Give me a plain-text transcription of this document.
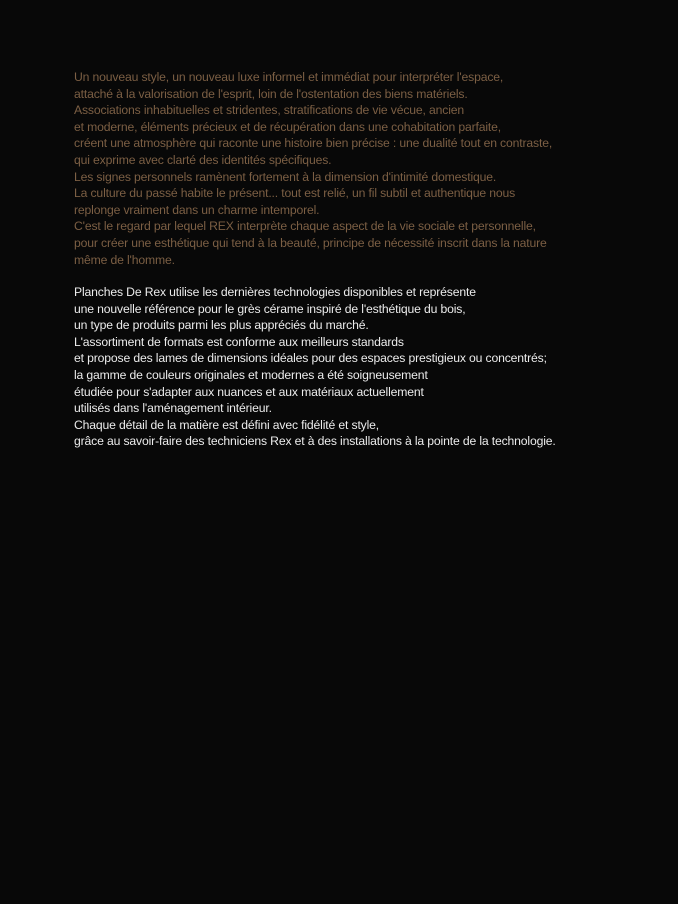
Un nouveau style, un nouveau luxe informel et immédiat pour interpréter l'espace,
attaché à la valorisation de l'esprit, loin de l'ostentation des biens matériels.
Associations inhabituelles et stridentes, stratifications de vie vécue, ancien
et moderne, éléments précieux et de récupération dans une cohabitation parfaite,
créent une atmosphère qui raconte une histoire bien précise : une dualité tout en contraste,
qui exprime avec clarté des identités spécifiques.
Les signes personnels ramènent fortement à la dimension d'intimité domestique.
La culture du passé habite le présent... tout est relié, un fil subtil et authentique nous
replonge vraiment dans un charme intemporel.
C'est le regard par lequel REX interprète chaque aspect de la vie sociale et personnelle,
pour créer une esthétique qui tend à la beauté, principe de nécessité inscrit dans la nature
même de l'homme.
Planches De Rex utilise les dernières technologies disponibles et représente
une nouvelle référence pour le grès cérame inspiré de l'esthétique du bois,
un type de produits parmi les plus appréciés du marché.
L'assortiment de formats est conforme aux meilleurs standards
et propose des lames de dimensions idéales pour des espaces prestigieux ou concentrés;
la gamme de couleurs originales et modernes a été soigneusement
étudiée pour s'adapter aux nuances et aux matériaux actuellement
utilisés dans l'aménagement intérieur.
Chaque détail de la matière est défini avec fidélité et style,
grâce au savoir-faire des techniciens Rex et à des installations à la pointe de la technologie.
